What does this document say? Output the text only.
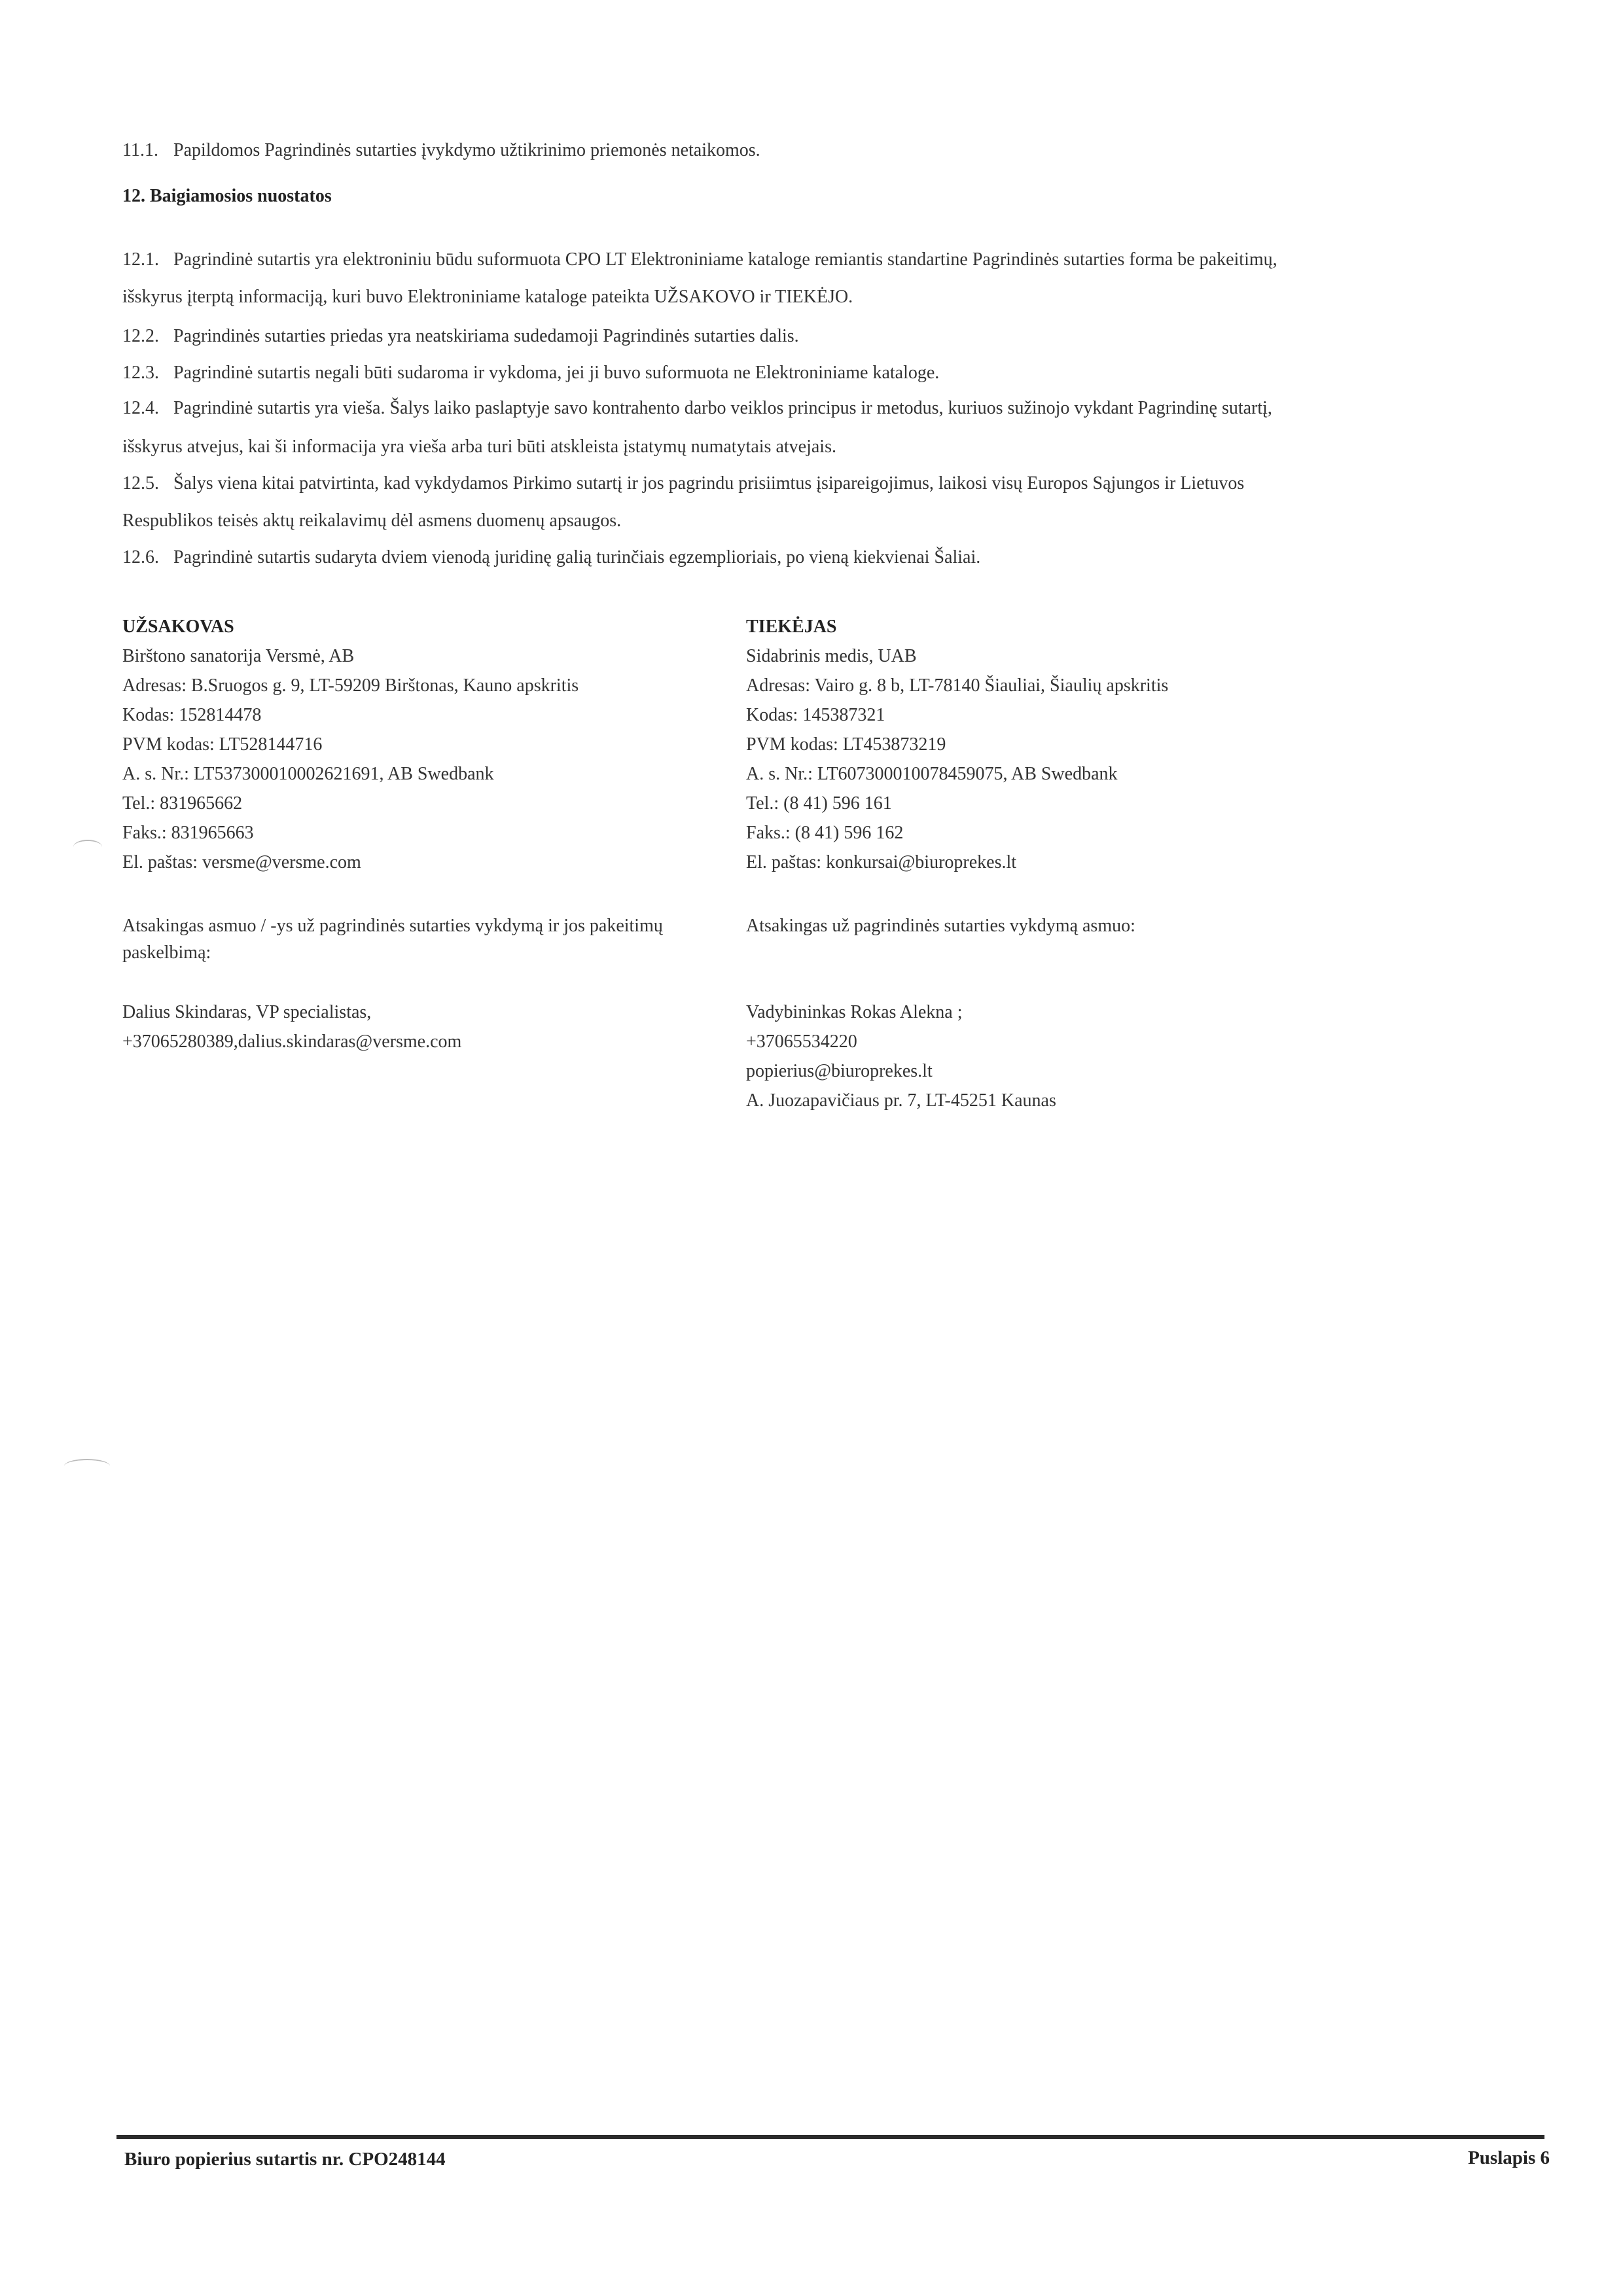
11.1. Papildomos Pagrindinės sutarties įvykdymo užtikrinimo priemonės netaikomos.
12. Baigiamosios nuostatos
12.1. Pagrindinė sutartis yra elektroniniu būdu suformuota CPO LT Elektroniniame kataloge remiantis standartine Pagrindinės sutarties forma be pakeitimų,
išskyrus įterptą informaciją, kuri buvo Elektroniniame kataloge pateikta UŽSAKOVO ir TIEKĖJO.
12.2. Pagrindinės sutarties priedas yra neatskiriama sudedamoji Pagrindinės sutarties dalis.
12.3. Pagrindinė sutartis negali būti sudaroma ir vykdoma, jei ji buvo suformuota ne Elektroniniame kataloge.
12.4. Pagrindinė sutartis yra vieša. Šalys laiko paslaptyje savo kontrahento darbo veiklos principus ir metodus, kuriuos sužinojo vykdant Pagrindinę sutartį,
išskyrus atvejus, kai ši informacija yra vieša arba turi būti atskleista įstatymų numatytais atvejais.
12.5. Šalys viena kitai patvirtinta, kad vykdydamos Pirkimo sutartį ir jos pagrindu prisiimtus įsipareigojimus, laikosi visų Europos Sąjungos ir Lietuvos
Respublikos teisės aktų reikalavimų dėl asmens duomenų apsaugos.
12.6. Pagrindinė sutartis sudaryta dviem vienodą juridinę galią turinčiais egzemplioriais, po vieną kiekvienai Šaliai.
UŽSAKOVAS
Birštono sanatorija Versmė, AB
Adresas: B.Sruogos g. 9, LT-59209 Birštonas, Kauno apskritis
Kodas: 152814478
PVM kodas: LT528144716
A. s. Nr.: LT537300010002621691, AB Swedbank
Tel.: 831965662
Faks.: 831965663
El. paštas: versme@versme.com
TIEKĖJAS
Sidabrinis medis, UAB
Adresas: Vairo g. 8 b, LT-78140 Šiauliai, Šiaulių apskritis
Kodas: 145387321
PVM kodas: LT453873219
A. s. Nr.: LT607300010078459075, AB Swedbank
Tel.: (8 41) 596 161
Faks.: (8 41) 596 162
El. paštas: konkursai@biuroprekes.lt
Atsakingas asmuo / -ys už pagrindinės sutarties vykdymą ir jos pakeitimų
paskelbimą:
Atsakingas už pagrindinės sutarties vykdymą asmuo:
Dalius Skindaras, VP specialistas,
+37065280389,dalius.skindaras@versme.com
Vadybininkas Rokas Alekna ;
+37065534220
popierius@biuroprekes.lt
A. Juozapavičiaus pr. 7, LT-45251 Kaunas
Biuro popierius sutartis nr. CPO248144	Puslapis 6
